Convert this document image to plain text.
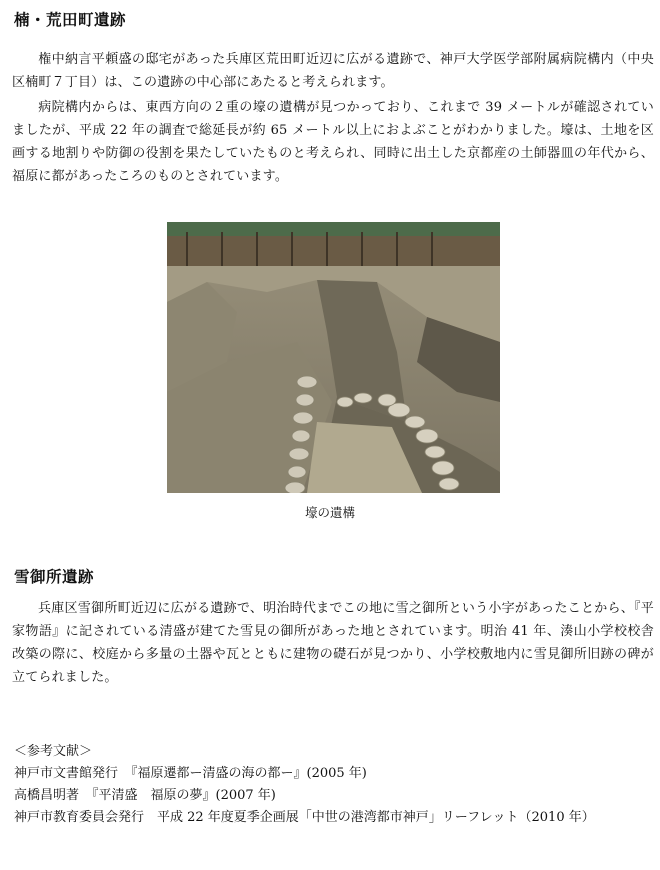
楠・荒田町遺跡

権中納言平頼盛の邸宅があった兵庫区荒田町近辺に広がる遺跡で、神戸大学医学部附属病院構内（中央区楠町７丁目）は、この遺跡の中心部にあたると考えられます。

病院構内からは、東西方向の２重の壕の遺構が見つかっており、これまで 39 メートルが確認されていましたが、平成 22 年の調査で総延長が約 65 メートル以上におよぶことがわかりました。壕は、土地を区画する地割りや防御の役割を果たしていたものと考えられ、同時に出土した京都産の土師器皿の年代から、福原に都があったころのものとされています。

壕の遺構
雪御所遺跡

兵庫区雪御所町近辺に広がる遺跡で、明治時代までこの地に雪之御所という小字があったことから、『平家物語』に記されている清盛が建てた雪見の御所があった地とされています。明治 41 年、湊山小学校校舎改築の際に、校庭から多量の土器や瓦とともに建物の礎石が見つかり、小学校敷地内に雪見御所旧跡の碑が立てられました。

＜参考文献＞
神戸市文書館発行　『福原遷都ー清盛の海の都ー』(2005 年)
高橋昌明著　『平清盛　福原の夢』(2007 年)
神戸市教育委員会発行　平成 22 年度夏季企画展「中世の港湾都市神戸」リーフレット（2010 年）
